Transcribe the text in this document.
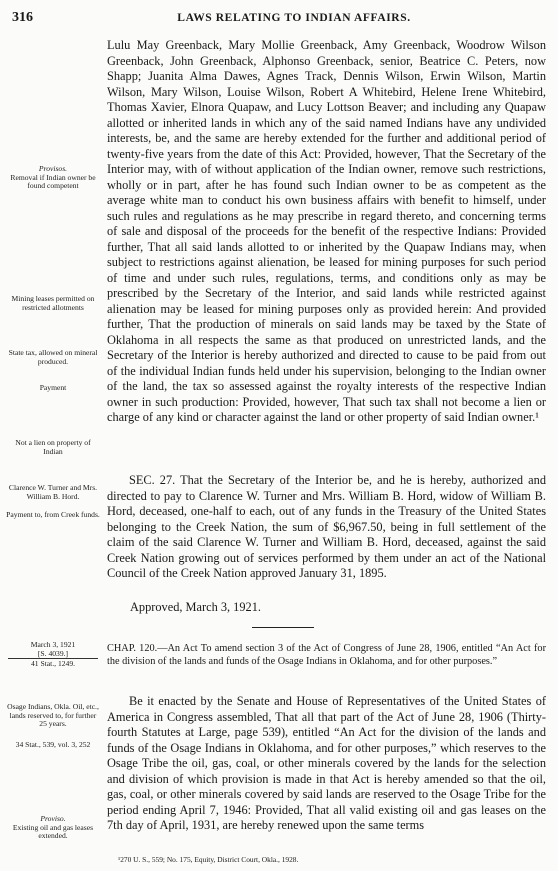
316	LAWS RELATING TO INDIAN AFFAIRS.

Lulu May Greenback, Mary Mollie Greenback, Amy Greenback, Woodrow Wilson Greenback, John Greenback, Alphonso Greenback, senior, Beatrice C. Peters, now Shapp; Juanita Alma Dawes, Agnes Track, Dennis Wilson, Erwin Wilson, Martin Wilson, Mary Wilson, Louise Wilson, Robert A Whitebird, Helene Irene Whitebird, Thomas Xavier, Elnora Quapaw, and Lucy Lottson Beaver; and including any Quapaw allotted or inherited lands in which any of the said named Indians have any undivided interests, be, and the same are hereby extended for the further and additional period of twenty-five years from the date of this Act: Provided, however, That the Secretary of the Interior may, with of without application of the Indian owner, remove such restrictions, wholly or in part, after he has found such Indian owner to be as competent as the average white man to conduct his own business affairs with benefit to himself, under such rules and regulations as he may prescribe in regard thereto, and concerning terms of sale and disposal of the proceeds for the benefit of the respective Indians: Provided further, That all said lands allotted to or inherited by the Quapaw Indians may, when subject to restrictions against alienation, be leased for mining purposes for such period of time and under such rules, regulations, terms, and conditions only as may be prescribed by the Secretary of the Interior, and said lands while restricted against alienation may be leased for mining purposes only as provided herein: And provided further, That the production of minerals on said lands may be taxed by the State of Oklahoma in all respects the same as that produced on unrestricted lands, and the Secretary of the Interior is hereby authorized and directed to cause to be paid from out of the individual Indian funds held under his supervision, belonging to the Indian owner of the land, the tax so assessed against the royalty interests of the respective Indian owner in such production: Provided, however, That such tax shall not become a lien or charge of any kind or character against the land or other property of said Indian owner.¹

SEC. 27. That the Secretary of the Interior be, and he is hereby, authorized and directed to pay to Clarence W. Turner and Mrs. William B. Hord, widow of William B. Hord, deceased, one-half to each, out of any funds in the Treasury of the United States belonging to the Creek Nation, the sum of $6,967.50, being in full settlement of the claim of the said Clarence W. Turner and William B. Hord, deceased, against the said Creek Nation growing out of services performed by them under an act of the National Council of the Creek Nation approved January 31, 1895.

Approved, March 3, 1921.
March 3, 1921
[S. 4039.]
41 Stat., 1249.
CHAP. 120.—An Act To amend section 3 of the Act of Congress of June 28, 1906, entitled “An Act for the division of the lands and funds of the Osage Indians in Oklahoma, and for other purposes.”

Be it enacted by the Senate and House of Representatives of the United States of America in Congress assembled, That all that part of the Act of June 28, 1906 (Thirty-fourth Statutes at Large, page 539), entitled “An Act for the division of the lands and funds of the Osage Indians in Oklahoma, and for other purposes,” which reserves to the Osage Tribe the oil, gas, coal, or other minerals covered by the lands for the selection and division of which provision is made in that Act is hereby amended so that the oil, gas, coal, or other minerals covered by said lands are reserved to the Osage Tribe for the period ending April 7, 1946: Provided, That all valid existing oil and gas leases on the 7th day of April, 1931, are hereby renewed upon the same terms

Provisos.
Removal if Indian owner be found competent
Mining leases permitted on restricted allotments
State tax, allowed on mineral produced.
Payment
Not a lien on property of Indian
Clarence W. Turner and Mrs. William B. Hord.
Payment to, from Creek funds.
Osage Indians, Okla. Oil, etc., lands reserved to, for further 25 years.
34 Stat., 539, vol. 3, 252
Proviso.
Existing oil and gas leases extended.
¹270 U. S., 559; No. 175, Equity, District Court, Okla., 1928.
